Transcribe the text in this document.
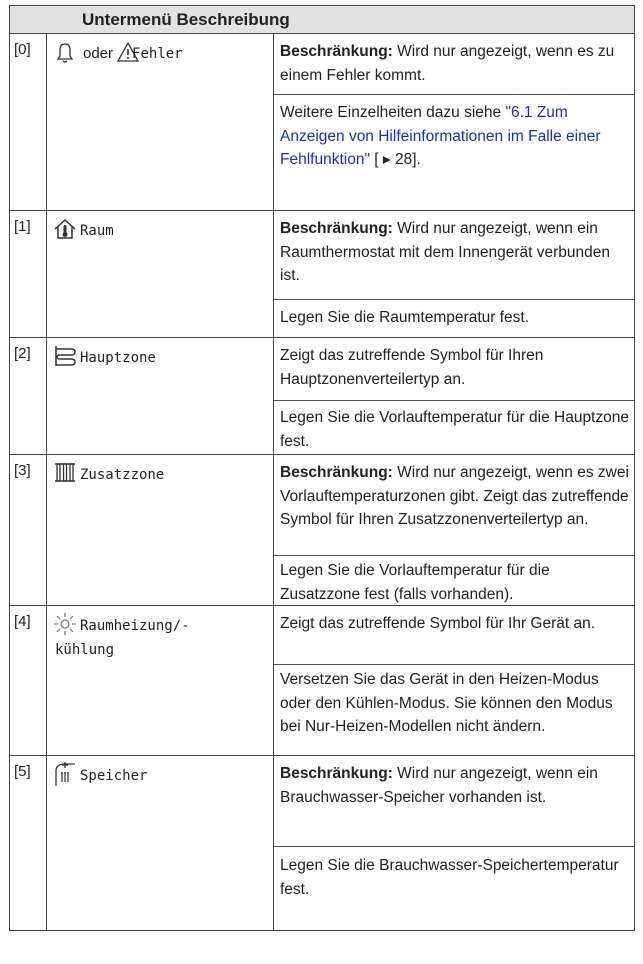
Untermenü Beschreibung
[0]	oder Fehler	Beschränkung: Wird nur angezeigt, wenn es zu einem Fehler kommt.
Weitere Einzelheiten dazu siehe "6.1 Zum Anzeigen von Hilfeinformationen im Falle einer Fehlfunktion" [ ▸ 28].
[1]	Raum	Beschränkung: Wird nur angezeigt, wenn ein Raumthermostat mit dem Innengerät verbunden ist.
Legen Sie die Raumtemperatur fest.
[2]	Hauptzone	Zeigt das zutreffende Symbol für Ihren Hauptzonenverteilertyp an.
Legen Sie die Vorlauftemperatur für die Hauptzone fest.
[3]	Zusatzzone	Beschränkung: Wird nur angezeigt, wenn es zwei Vorlauftemperaturzonen gibt. Zeigt das zutreffende Symbol für Ihren Zusatzzonenverteilertyp an.
Legen Sie die Vorlauftemperatur für die Zusatzzone fest (falls vorhanden).
[4]	Raumheizung/-
kühlung
Zeigt das zutreffende Symbol für Ihr Gerät an.
Versetzen Sie das Gerät in den Heizen-Modus oder den Kühlen-Modus. Sie können den Modus bei Nur-Heizen-Modellen nicht ändern.
[5]	Speicher	Beschränkung: Wird nur angezeigt, wenn ein Brauchwasser-Speicher vorhanden ist.
Legen Sie die Brauchwasser-Speichertemperatur fest.
